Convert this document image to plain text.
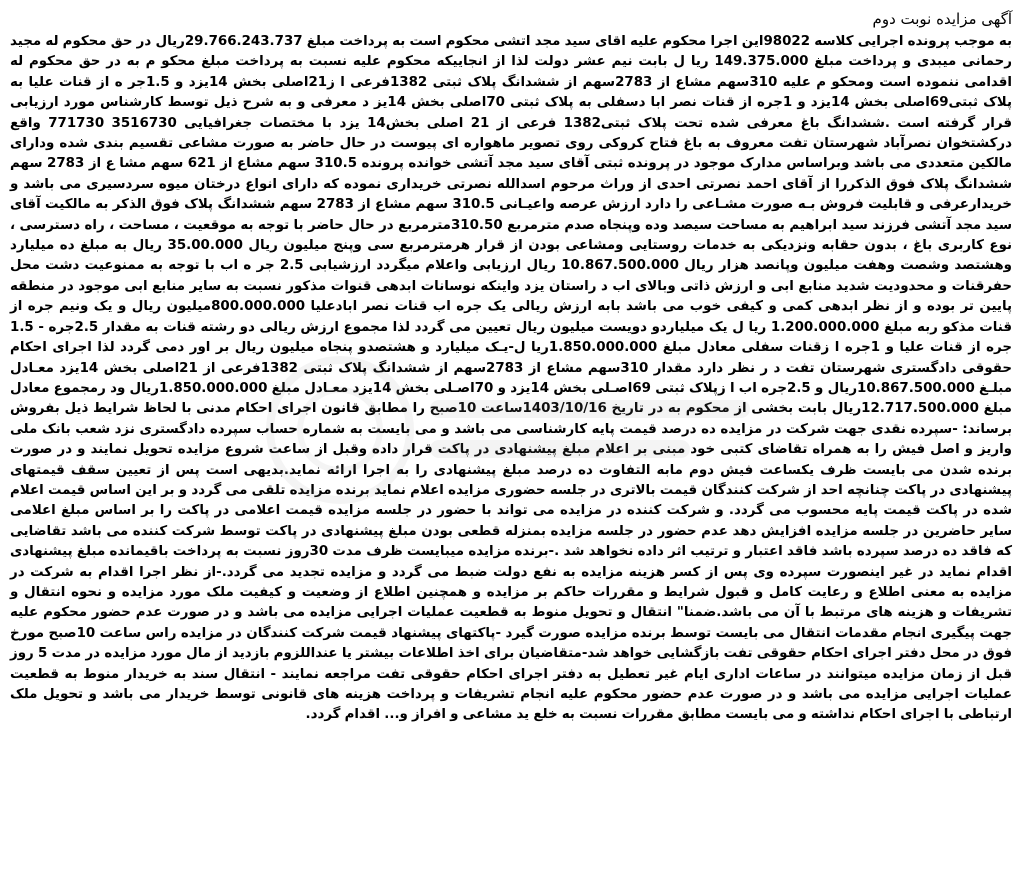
آگهی مزایده نوبت دوم

به موجب پرونده اجرایی کلاسه 98022این اجرا محکوم علیه اقای سید مجد اتشی محکوم است به پرداخت مبلغ 29.766.243.737ریال در حق محکوم له مجید رحمانی میبدی و پرداخت مبلغ 149.375.000 ریا ل بابت نیم عشر دولت لذا از انجاییکه محکوم علیه نسبت به پرداخت مبلغ محکو م به در حق محکوم له اقدامی ننموده است ومحکو م علیه 310سهم مشاع از 2783سهم از ششدانگ پلاک ثبتی 1382فرعی ا ز21اصلی بخش 14یزد و 1.5جر ه از قنات علیا به پلاک ثبتی69اصلی بخش 14یزد و 1جره از قنات نصر ابا دسفلی به پلاک ثبتی 70اصلی بخش 14یز د معرفی و به شرح ذیل توسط کارشناس مورد ارزیابی قرار گرفته است .ششدانگ باغ معرفی شده تحت پلاک ثبتی1382 فرعی از 21 اصلی بخش14 یزد با مختصات جغرافیایی 3516730 771730 واقع درکشتخوان نصرآباد شهرستان تفت معروف به باغ فتاح کروکی روی تصویر ماهواره ای پیوست در حال حاضر به صورت مشاعی تقسیم بندی شده ودارای مالکین متعددی می باشد وبراساس مدارک موجود در پرونده ثبتی آقای سید مجد آتشی خوانده پرونده 310.5 سهم مشاع از 621 سهم مشا ع از 2783 سهم ششدانگ پلاک فوق الذکررا از آقای احمد نصرتی احدی از وراث مرحوم اسدالله نصرتی خریداری نموده که دارای انواع درختان میوه سردسیری می باشد و خریدارعرفی و قابلیت فروش بـه صورت مشـاعی را دارد ارزش عرصه واعیـانی 310.5 سهم مشاع از 2783 سهم ششدانگ پلاک فوق الذکر به مالکیت آقای سید مجد آتشی فرزند سید ابراهیم به مساحت سیصد وده وپنجاه صدم مترمربع 310.50مترمربع در حال حاضر با توجه به موقعیت ، مساحت ، راه دسترسی ، نوع کاربری باغ ، بدون حقابه ونزدیکی به خدمات روستایی ومشاعی بودن از قرار هرمترمربع سی وپنج میلیون ریال 35.00.000 ریال به مبلغ ده میلیارد وهشتصد وشصت وهفت میلیون وپانصد هزار ریال 10.867.500.000 ریال ارزیابی واعلام میگردد ارزشیابی 2.5 جر ه اب با توجه به ممنوعیت دشت محل حفرقنات و محدودیت شدید منابع ابی و ارزش ذاتی وبالای اب د راستان یزد واینکه نوسانات ابدهی قنوات مذکور نسبت به سایر منابع ابی موجود در منطقه پایین تر بوده و از نظر ابدهی کمی و کیفی خوب می باشد بابه ارزش ریالی یک جره اب قنات نصر ابادعلیا 800.000.000میلیون ریال و یک ونیم جره از قنات مذکو ربه مبلغ 1.200.000.000 ریا ل یک میلیاردو دویست میلیون ریال تعیین می گردد لذا مجموع ارزش ریالی دو رشته قنات به مقدار 2.5جره - 1.5 جره از قنات علیا و 1جره ا زقنات سفلی معادل مبلغ 1.850.000.000ریا ل-یـک میلیارد و هشتصدو پنجاه میلیون ریال بر اور دمی گردد لذا اجرای احکام حقوقی دادگستری شهرستان تفت د ر نظر دارد مقدار 310سهم مشاع از 2783سهم از ششدانگ پلاک ثبتی 1382فرعی از 21اصلی بخش 14یزد معـادل مبلـغ 10.867.500.000ریال و 2.5جره اب ا زپلاک ثبتی 69اصـلی بخش 14یزد و 70اصـلی بخش 14یزد معـادل مبلغ 1.850.000.000ریال ود رمجموع معادل مبلغ 12.717.500.000ریال بابت بخشی از محکوم به در تاریخ 1403/10/16ساعت 10صبح را مطابق قانون اجرای احکام مدنی با لحاظ شرایط ذیل بفروش برساند: -سپرده نقدی جهت شرکت در مزایده ده درصد قیمت پایه کارشناسی می باشد و می بایست به شماره حساب سپرده دادگستری نزد شعب بانک ملی واریز و اصل فیش را به همراه تقاضای کتبی خود مبنی بر اعلام مبلغ پیشنهادی در پاکت قرار داده وقبل از ساعت شروع مزایده تحویل نمایند و در صورت برنده شدن می بایست ظرف یکساعت فیش دوم مابه التفاوت ده درصد مبلغ پیشنهادی را به اجرا ارائه نماید.بدیهی است پس از تعیین سقف قیمتهای پیشنهادی در پاکت چنانچه احد از شرکت کنندگان قیمت بالاتری در جلسه حضوری مزایده اعلام نماید برنده مزایده تلقی می گردد و بر این اساس قیمت اعلام شده در پاکت قیمت پایه محسوب می گردد. و شرکت کننده در مزایده می تواند با حضور در جلسه مزایده قیمت اعلامی در پاکت را بر اساس مبلغ اعلامی سایر حاضرین در جلسه مزایده افزایش دهد عدم حضور در جلسه مزایده بمنزله قطعی بودن مبلغ پیشنهادی در پاکت توسط شرکت کننده می باشد تقاضایی که فاقد ده درصد سپرده باشد فاقد اعتبار و ترتیب اثر داده نخواهد شد .-برنده مزایده میبایست ظرف مدت 30روز نسبت به پرداخت باقیمانده مبلغ پیشنهادی اقدام نماید در غیر اینصورت سپرده وی پس از کسر هزینه مزایده به نفع دولت ضبط می گردد و مزایده تجدید می گردد.-از نظر اجرا اقدام به شرکت در مزایده به معنی اطلاع و رعایت کامل و قبول شرایط و مقررات حاکم بر مزایده و همچنین اطلاع از وضعیت و کیفیت ملک مورد مزایده و نحوه انتقال و تشریفات و هزینه های مرتبط با آن می باشد.ضمنا" انتقال و تحویل منوط به قطعیت عملیات اجرایی مزایده می باشد و در صورت عدم حضور محکوم علیه جهت پیگیری انجام مقدمات انتقال می بایست توسط برنده مزایده صورت گیرد -پاکتهای پیشنهاد قیمت شرکت کنندگان در مزایده راس ساعت 10صبح مورخ فوق در محل دفتر اجرای احکام حقوقی تفت بازگشایی خواهد شد-متقاضیان برای اخذ اطلاعات بیشتر یا عنداللزوم بازدید از مال مورد مزایده در مدت 5 روز قبل از زمان مزایده میتوانند در ساعات اداری ایام غیر تعطیل به دفتر اجرای احکام حقوقی تفت مراجعه نمایند - انتقال سند به خریدار منوط به قطعیت عملیات اجرایی مزایده می باشد و در صورت عدم حضور محکوم علیه انجام تشریفات و پرداخت هزینه های قانونی توسط خریدار می باشد و تحویل ملک ارتباطی با اجرای احکام نداشته و می بایست مطابق مقررات نسبت به خلع ید مشاعی و افراز و... اقدام گردد.
